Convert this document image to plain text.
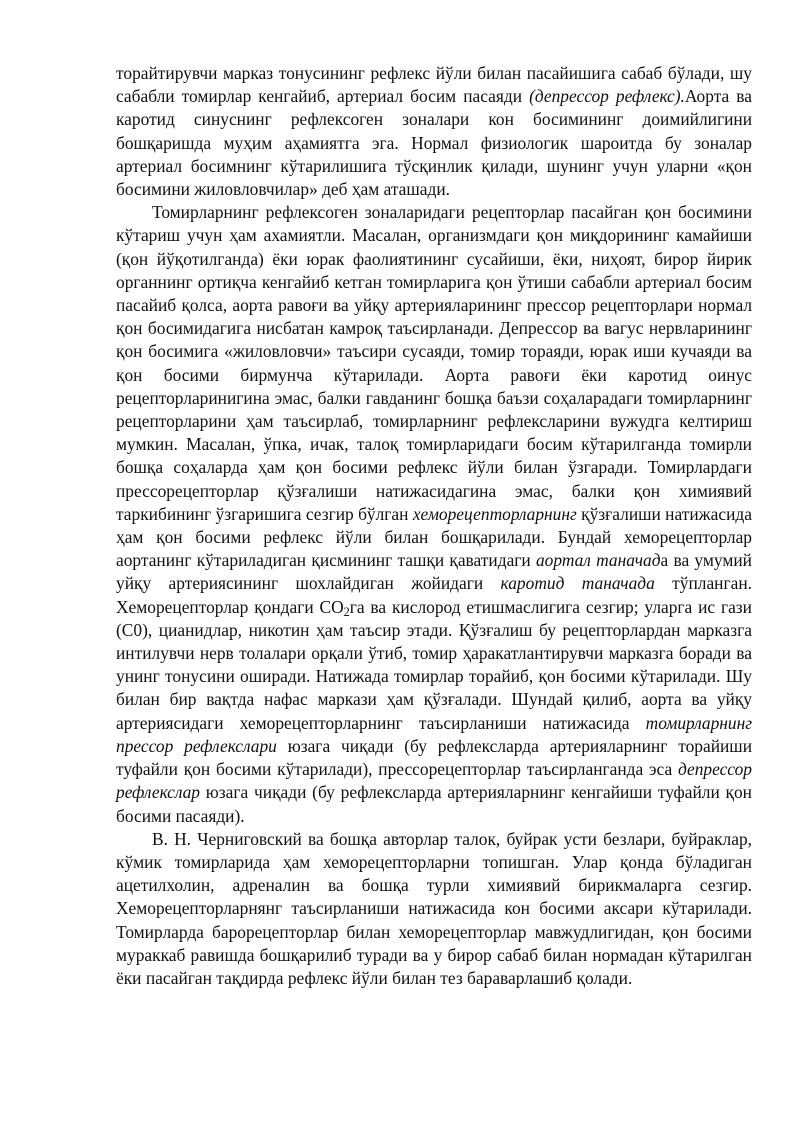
торайтирувчи марказ тонусининг рефлекс йўли билан пасайишига сабаб бўлади, шу сабабли томирлар кенгайиб, артериал босим пасаяди (депрессор рефлекс).Аорта ва каротид синуснинг рефлексоген зоналари кон босимининг доимийлигини бошқаришда муҳим аҳамиятга эга. Нормал физиологик шароитда бу зоналар артериал босимнинг кўтарилишига тўсқинлик қилади, шунинг учун уларни «қон босимини жиловловчилар» деб ҳам аташади.

Томирларнинг рефлексоген зоналаридаги рецепторлар пасайган қон босимини кўтариш учун ҳам ахамиятли. Масалан, организмдаги қон миқдорининг камайиши (қон йўқотилганда) ёки юрак фаолиятининг сусайиши, ёки, ниҳоят, бирор йирик органнинг ортиқча кенгайиб кетган томирларига қон ўтиши сабабли артериал босим пасайиб қолса, аорта равоғи ва уйқу артерияларининг прессор рецепторлари нормал қон босимидагига нисбатан камроқ таъсирланади. Депрессор ва вагус нервларининг қон босимига «жиловловчи» таъсири сусаяди, томир тораяди, юрак иши кучаяди ва қон босими бирмунча кўтарилади. Аорта равоғи ёки каротид оинус рецепторларинигина эмас, балки гавданинг бошқа баъзи соҳаларадаги томирларнинг рецепторларини ҳам таъсирлаб, томирларнинг рефлексларини вужудга келтириш мумкин. Масалан, ўпка, ичак, талоқ томирларидаги босим кўтарилганда томирли бошқа соҳаларда ҳам қон босими рефлекс йўли билан ўзгаради. Томирлардаги прессорецепторлар қўзғалиши натижасидагина эмас, балки қон химиявий таркибининг ўзгаришига сезгир бўлган хеморецепторларнинг қўзғалиши натижасида ҳам қон босими рефлекс йўли билан бошқарилади. Бундай хеморецепторлар аортанинг кўтариладиган қисмининг ташқи қаватидаги аортал таначада ва умумий уйқу артериясининг шохлайдиган жойидаги каротид таначада тўпланган. Хеморецепторлар қондаги $СО_2га$ ва кислород етишмаслигига сезгир; уларга ис гази (С0), цианидлар, никотин ҳам таъсир этади. Қўзғалиш бу рецепторлардан марказга интилувчи нерв толалари орқали ўтиб, томир ҳаракатлантирувчи марказга боради ва унинг тонусини оширади. Натижада томирлар торайиб, қон босими кўтарилади. Шу билан бир вақтда нафас маркази ҳам қўзғалади. Шундай қилиб, аорта ва уйқу артериясидаги хеморецепторларнинг таъсирланиши натижасида томирларнинг прессор рефлекслари юзага чиқади (бу рефлексларда артерияларнинг торайиши туфайли қон босими кўтарилади), прессорецепторлар таъсирланганда эса депрессор рефлекслар юзага чиқади (бу рефлексларда артерияларнинг кенгайиши туфайли қон босими пасаяди).

В. Н. Черниговский ва бошқа авторлар талок, буйрак усти безлари, буйраклар, кўмик томирларида ҳам хеморецепторларни топишган. Улар қонда бўладиган ацетилхолин, адреналин ва бошқа турли химиявий бирикмаларга сезгир. Хеморецепторларнянг таъсирланиши натижасида кон босими аксари кўтарилади. Томирларда барорецепторлар билан хеморецепторлар мавжудлигидан, қон босими мураккаб равишда бошқарилиб туради ва у бирор сабаб билан нормадан кўтарилган ёки пасайган тақдирда рефлекс йўли билан тез бараварлашиб қолади.
